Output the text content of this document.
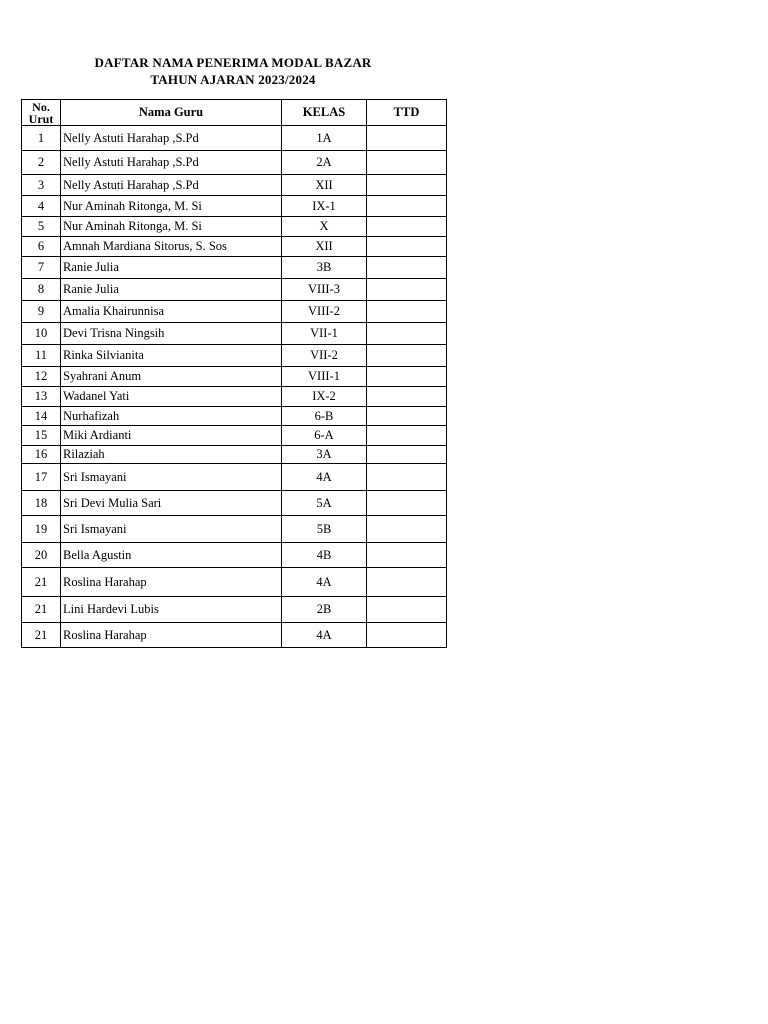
DAFTAR NAMA PENERIMA MODAL BAZAR
TAHUN AJARAN 2023/2024
No.
Urut	Nama Guru	KELAS	TTD
1	Nelly Astuti Harahap ,S.Pd	1A	
2	Nelly Astuti Harahap ,S.Pd	2A	
3	Nelly Astuti Harahap ,S.Pd	XII	
4	Nur Aminah Ritonga, M. Si	IX-1	
5	Nur Aminah Ritonga, M. Si	X	
6	Amnah Mardiana Sitorus, S. Sos	XII	
7	Ranie Julia	3B	
8	Ranie Julia	VIII-3	
9	Amalia Khairunnisa	VIII-2	
10	Devi Trisna Ningsih	VII-1	
11	Rinka Silvianita	VII-2	
12	Syahrani Anum	VIII-1	
13	Wadanel Yati	IX-2	
14	Nurhafizah	6-B	
15	Miki Ardianti	6-A	
16	Rilaziah	3A	
17	Sri Ismayani	4A	
18	Sri Devi Mulia Sari	5A	
19	Sri Ismayani	5B	
20	Bella Agustin	4B	
21	Roslina Harahap	4A	
21	Lini Hardevi Lubis	2B	
21	Roslina Harahap	4A	
